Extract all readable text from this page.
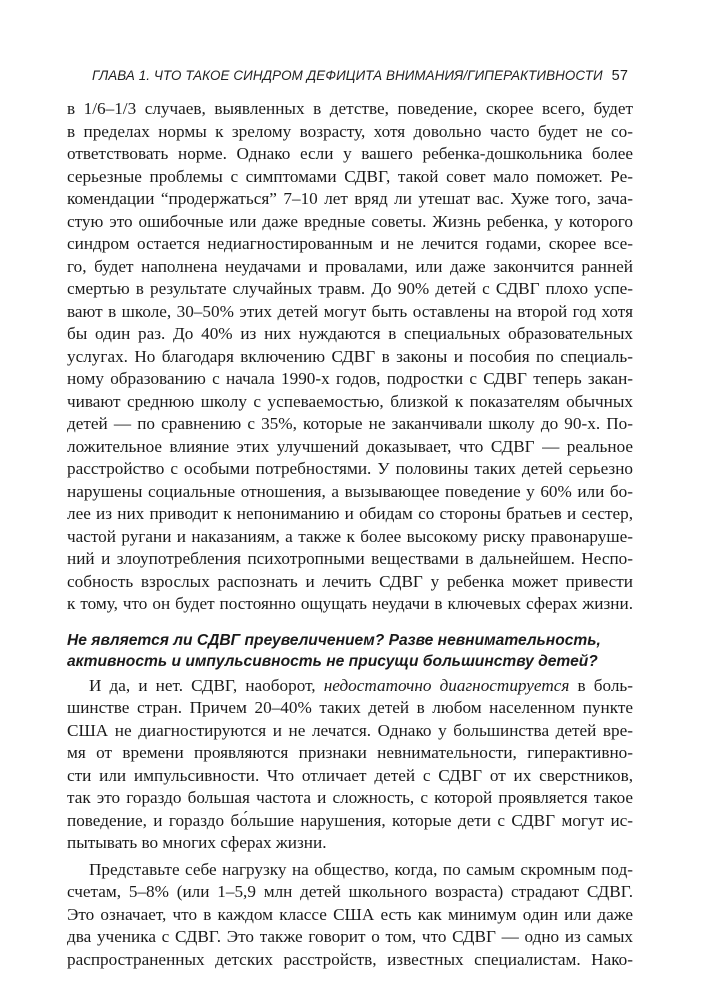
ГЛАВА 1. ЧТО ТАКОЕ СИНДРОМ ДЕФИЦИТА ВНИМАНИЯ/ГИПЕРАКТИВНОСТИ 57
в 1/6–1/3 случаев, выявленных в детстве, поведение, скорее всего, будет
в пределах нормы к зрелому возрасту, хотя довольно часто будет не со-
ответствовать норме. Однако если у вашего ребенка-дошкольника более
серьезные проблемы с симптомами СДВГ, такой совет мало поможет. Ре-
комендации “продержаться” 7–10 лет вряд ли утешат вас. Хуже того, зача-
стую это ошибочные или даже вредные советы. Жизнь ребенка, у которого
синдром остается недиагностированным и не лечится годами, скорее все-
го, будет наполнена неудачами и провалами, или даже закончится ранней
смертью в результате случайных травм. До 90% детей с СДВГ плохо успе-
вают в школе, 30–50% этих детей могут быть оставлены на второй год хотя
бы один раз. До 40% из них нуждаются в специальных образовательных
услугах. Но благодаря включению СДВГ в законы и пособия по специаль-
ному образованию с начала 1990-х годов, подростки с СДВГ теперь закан-
чивают среднюю школу с успеваемостью, близкой к показателям обычных
детей — по сравнению с 35%, которые не заканчивали школу до 90-х. По-
ложительное влияние этих улучшений доказывает, что СДВГ — реальное
расстройство с особыми потребностями. У половины таких детей серьезно
нарушены социальные отношения, а вызывающее поведение у 60% или бо-
лее из них приводит к непониманию и обидам со стороны братьев и сестер,
частой ругани и наказаниям, а также к более высокому риску правонаруше-
ний и злоупотребления психотропными веществами в дальнейшем. Неспо-
собность взрослых распознать и лечить СДВГ у ребенка может привести
к тому, что он будет постоянно ощущать неудачи в ключевых сферах жизни.
Не является ли СДВГ преувеличением? Разве невнимательность,
активность и импульсивность не присущи большинству детей?
И да, и нет. СДВГ, наоборот, недостаточно диагностируется в боль-
шинстве стран. Причем 20–40% таких детей в любом населенном пункте
США не диагностируются и не лечатся. Однако у большинства детей вре-
мя от времени проявляются признаки невнимательности, гиперактивно-
сти или импульсивности. Что отличает детей с СДВГ от их сверстников,
так это гораздо большая частота и сложность, с которой проявляется такое
поведение, и гораздо бо́льшие нарушения, которые дети с СДВГ могут ис-
пытывать во многих сферах жизни.
Представьте себе нагрузку на общество, когда, по самым скромным под-
счетам, 5–8% (или 1–5,9 млн детей школьного возраста) страдают СДВГ.
Это означает, что в каждом классе США есть как минимум один или даже
два ученика с СДВГ. Это также говорит о том, что СДВГ — одно из самых
распространенных детских расстройств, известных специалистам. Нако-
